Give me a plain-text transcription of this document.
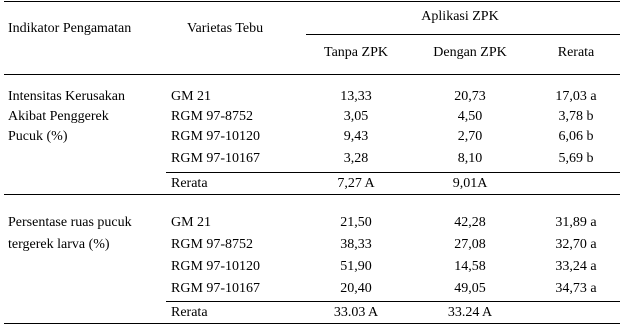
Indikator Pengamatan	Varietas Tebu
Aplikasi ZPK
Tanpa ZPK	Dengan ZPK	Rerata
Intensitas Kerusakan
Akibat Penggerek
Pucuk (%)
GM 21	13,33	20,73	17,03 a
RGM 97-8752	3,05	4,50	3,78 b
RGM 97-10120	9,43	2,70	6,06 b
RGM 97-10167	3,28	8,10	5,69 b
Rerata	7,27 A	9,01A
Persentase ruas pucuk
tergerek larva (%)
GM 21	21,50	42,28	31,89 a
RGM 97-8752	38,33	27,08	32,70 a
RGM 97-10120	51,90	14,58	33,24 a
RGM 97-10167	20,40	49,05	34,73 a
Rerata	33.03 A	33.24 A
